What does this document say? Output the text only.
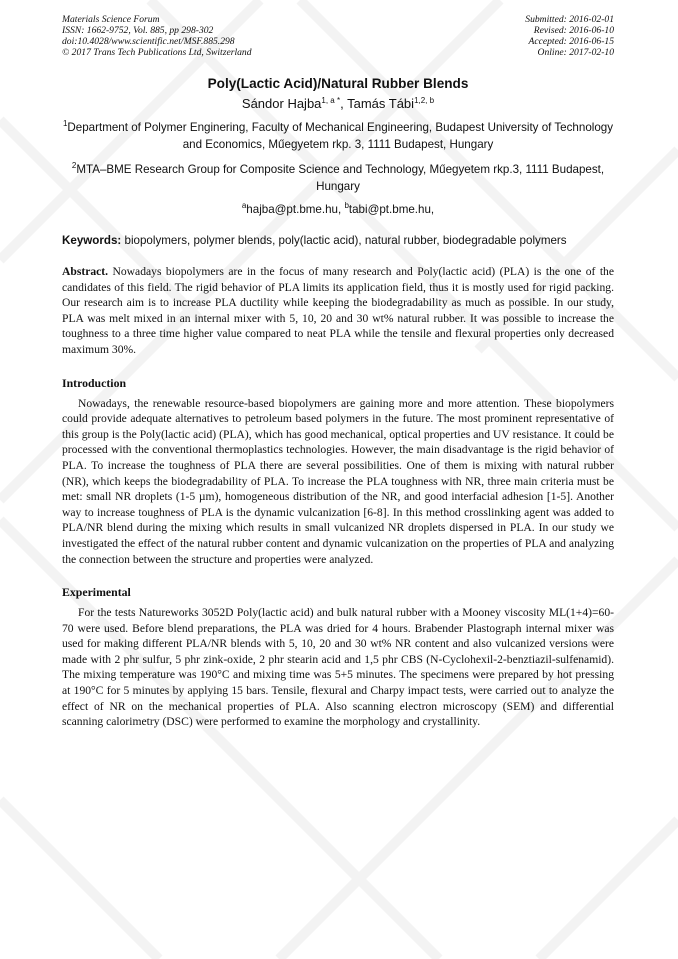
Materials Science Forum
ISSN: 1662-9752, Vol. 885, pp 298-302
doi:10.4028/www.scientific.net/MSF.885.298
© 2017 Trans Tech Publications Ltd, Switzerland
Submitted: 2016-02-01
Revised: 2016-06-10
Accepted: 2016-06-15
Online: 2017-02-10
Poly(Lactic Acid)/Natural Rubber Blends
Sándor Hajba$^{1, a *}$, Tamás Tábi$^{1,2, b}$
$^1$Department of Polymer Enginering, Faculty of Mechanical Engineering, Budapest University of Technology and Economics, Műegyetem rkp. 3, 1111 Budapest, Hungary
$^2$MTA–BME Research Group for Composite Science and Technology, Műegyetem rkp.3, 1111 Budapest, Hungary
$^a$hajba@pt.bme.hu, $^b$tabi@pt.bme.hu,
Keywords: biopolymers, polymer blends, poly(lactic acid), natural rubber, biodegradable polymers

Abstract. Nowadays biopolymers are in the focus of many research and Poly(lactic acid) (PLA) is the one of the candidates of this field. The rigid behavior of PLA limits its application field, thus it is mostly used for rigid packing. Our research aim is to increase PLA ductility while keeping the biodegradability as much as possible. In our study, PLA was melt mixed in an internal mixer with 5, 10, 20 and 30 wt% natural rubber. It was possible to increase the toughness to a three time higher value compared to neat PLA while the tensile and flexural properties only decreased maximum 30%.

Introduction

Nowadays, the renewable resource-based biopolymers are gaining more and more attention. These biopolymers could provide adequate alternatives to petroleum based polymers in the future. The most prominent representative of this group is the Poly(lactic acid) (PLA), which has good mechanical, optical properties and UV resistance. It could be processed with the conventional thermoplastics technologies. However, the main disadvantage is the rigid behavior of PLA. To increase the toughness of PLA there are several possibilities. One of them is mixing with natural rubber (NR), which keeps the biodegradability of PLA. To increase the PLA toughness with NR, three main criteria must be met: small NR droplets (1-5 µm), homogeneous distribution of the NR, and good interfacial adhesion [1-5]. Another way to increase toughness of PLA is the dynamic vulcanization [6-8]. In this method crosslinking agent was added to PLA/NR blend during the mixing which results in small vulcanized NR droplets dispersed in PLA. In our study we investigated the effect of the natural rubber content and dynamic vulcanization on the properties of PLA and analyzing the connection between the structure and properties were analyzed.

Experimental

For the tests Natureworks 3052D Poly(lactic acid) and bulk natural rubber with a Mooney viscosity ML(1+4)=60-70 were used. Before blend preparations, the PLA was dried for 4 hours. Brabender Plastograph internal mixer was used for making different PLA/NR blends with 5, 10, 20 and 30 wt% NR content and also vulcanized versions were made with 2 phr sulfur, 5 phr zink-oxide, 2 phr stearin acid and 1,5 phr CBS (N-Cyclohexil-2-benztiazil-sulfenamid). The mixing temperature was 190°C and mixing time was 5+5 minutes. The specimens were prepared by hot pressing at 190°C for 5 minutes by applying 15 bars. Tensile, flexural and Charpy impact tests, were carried out to analyze the effect of NR on the mechanical properties of PLA. Also scanning electron microscopy (SEM) and differential scanning calorimetry (DSC) were performed to examine the morphology and crystallinity.
